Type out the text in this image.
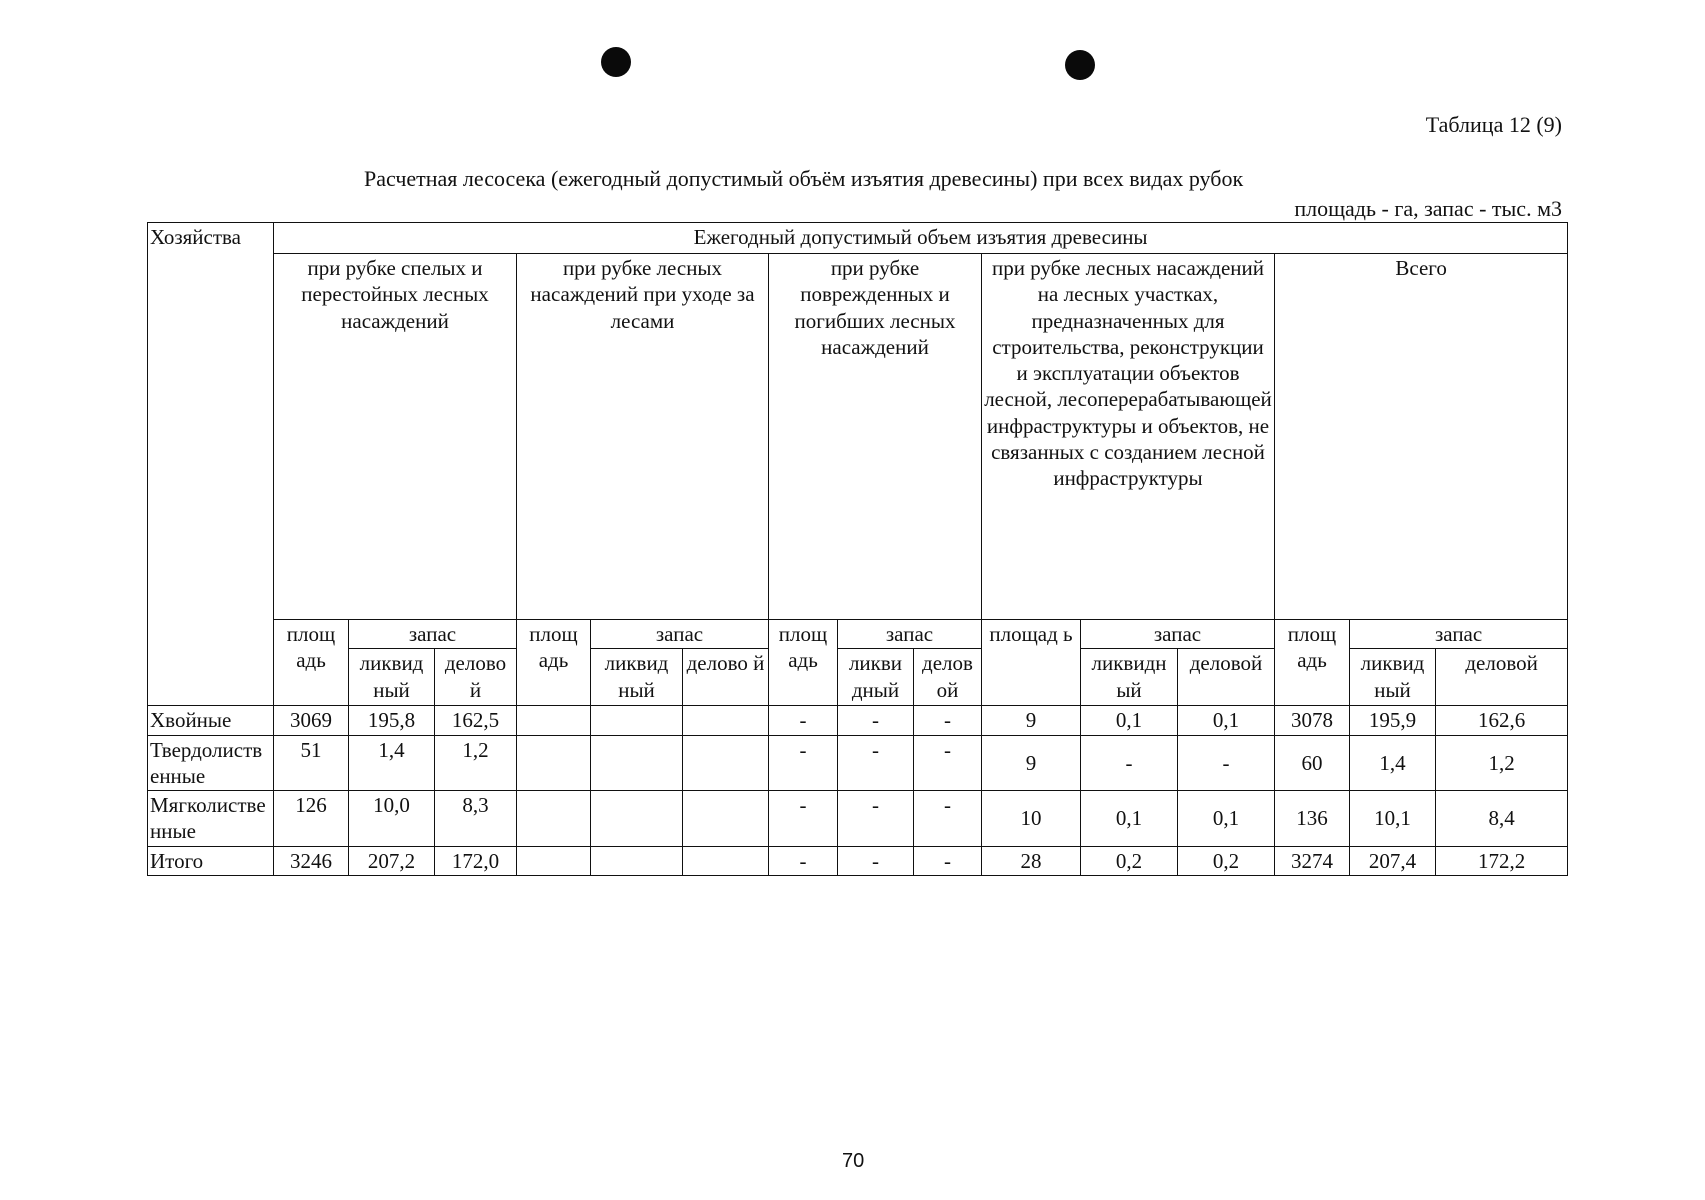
Таблица 12 (9)
Расчетная лесосека (ежегодный допустимый объём изъятия древесины) при всех видах рубок
площадь - га, запас - тыс. м3
Хозяйства	Ежегодный допустимый объем изъятия древесины														
	при рубке спелых и перестойных лесных насаждений			при рубке лесных насаждений при уходе за лесами			при рубке поврежденных и погибших лесных насаждений			при рубке лесных насаждений на лесных участках, предназначенных для строительства, реконструкции и эксплуатации объектов лесной, лесоперерабатывающей инфраструктуры и объектов, не связанных с созданием лесной инфраструктуры			Всего		
	площ адь	запас		площ адь	запас		площ адь	запас		площад ь	запас		площ адь	запас	
		ликвид ный	делово й		ликвид ный	делово й		ликви дный	делов ой		ликвидн ый	деловой		ликвид ный	деловой
Хвойные	3069	195,8	162,5				-	-	-	9	0,1	0,1	3078	195,9	162,6
Твердолиственные	51	1,4	1,2				-	-	-	9	-	-	60	1,4	1,2
Мягколиственные	126	10,0	8,3				-	-	-	10	0,1	0,1	136	10,1	8,4
Итого	3246	207,2	172,0				-	-	-	28	0,2	0,2	3274	207,4	172,2
70
